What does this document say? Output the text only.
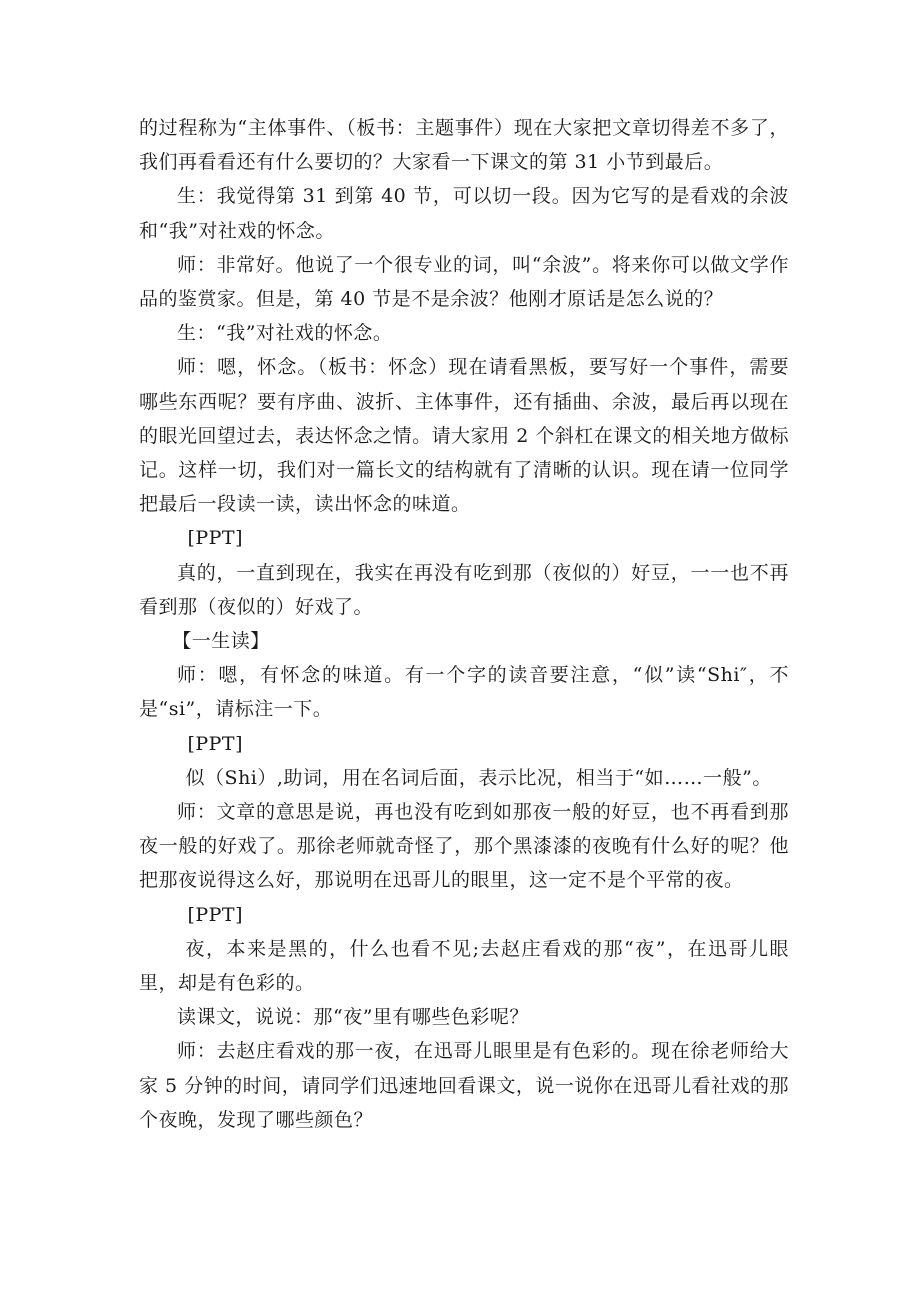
的过程称为“主体事件、（板书：主题事件）现在大家把文章切得差不多了，我们再看看还有什么要切的？大家看一下课文的第 31 小节到最后。

生：我觉得第 31 到第 40 节，可以切一段。因为它写的是看戏的余波和“我”对社戏的怀念。

师：非常好。他说了一个很专业的词，叫“余波”。将来你可以做文学作品的鉴赏家。但是，第 40 节是不是余波？他刚才原话是怎么说的？

生：“我”对社戏的怀念。

师：嗯，怀念。（板书：怀念）现在请看黑板，要写好一个事件，需要哪些东西呢？要有序曲、波折、主体事件，还有插曲、余波，最后再以现在的眼光回望过去，表达怀念之情。请大家用 2 个斜杠在课文的相关地方做标记。这样一切，我们对一篇长文的结构就有了清晰的认识。现在请一位同学把最后一段读一读，读出怀念的味道。

[PPT]

真的，一直到现在，我实在再没有吃到那（夜似的）好豆，一一也不再看到那（夜似的）好戏了。

【一生读】

师：嗯，有怀念的味道。有一个字的读音要注意，“似”读“Shi″，不是“si”，请标注一下。

[PPT]

似（Shi）,助词，用在名词后面，表示比况，相当于“如……一般”。

师：文章的意思是说，再也没有吃到如那夜一般的好豆，也不再看到那夜一般的好戏了。那徐老师就奇怪了，那个黑漆漆的夜晚有什么好的呢？他把那夜说得这么好，那说明在迅哥儿的眼里，这一定不是个平常的夜。

[PPT]

夜，本来是黑的，什么也看不见;去赵庄看戏的那“夜”，在迅哥儿眼里，却是有色彩的。

读课文，说说：那“夜”里有哪些色彩呢？

师：去赵庄看戏的那一夜，在迅哥儿眼里是有色彩的。现在徐老师给大家 5 分钟的时间，请同学们迅速地回看课文，说一说你在迅哥儿看社戏的那个夜晚，发现了哪些颜色？
